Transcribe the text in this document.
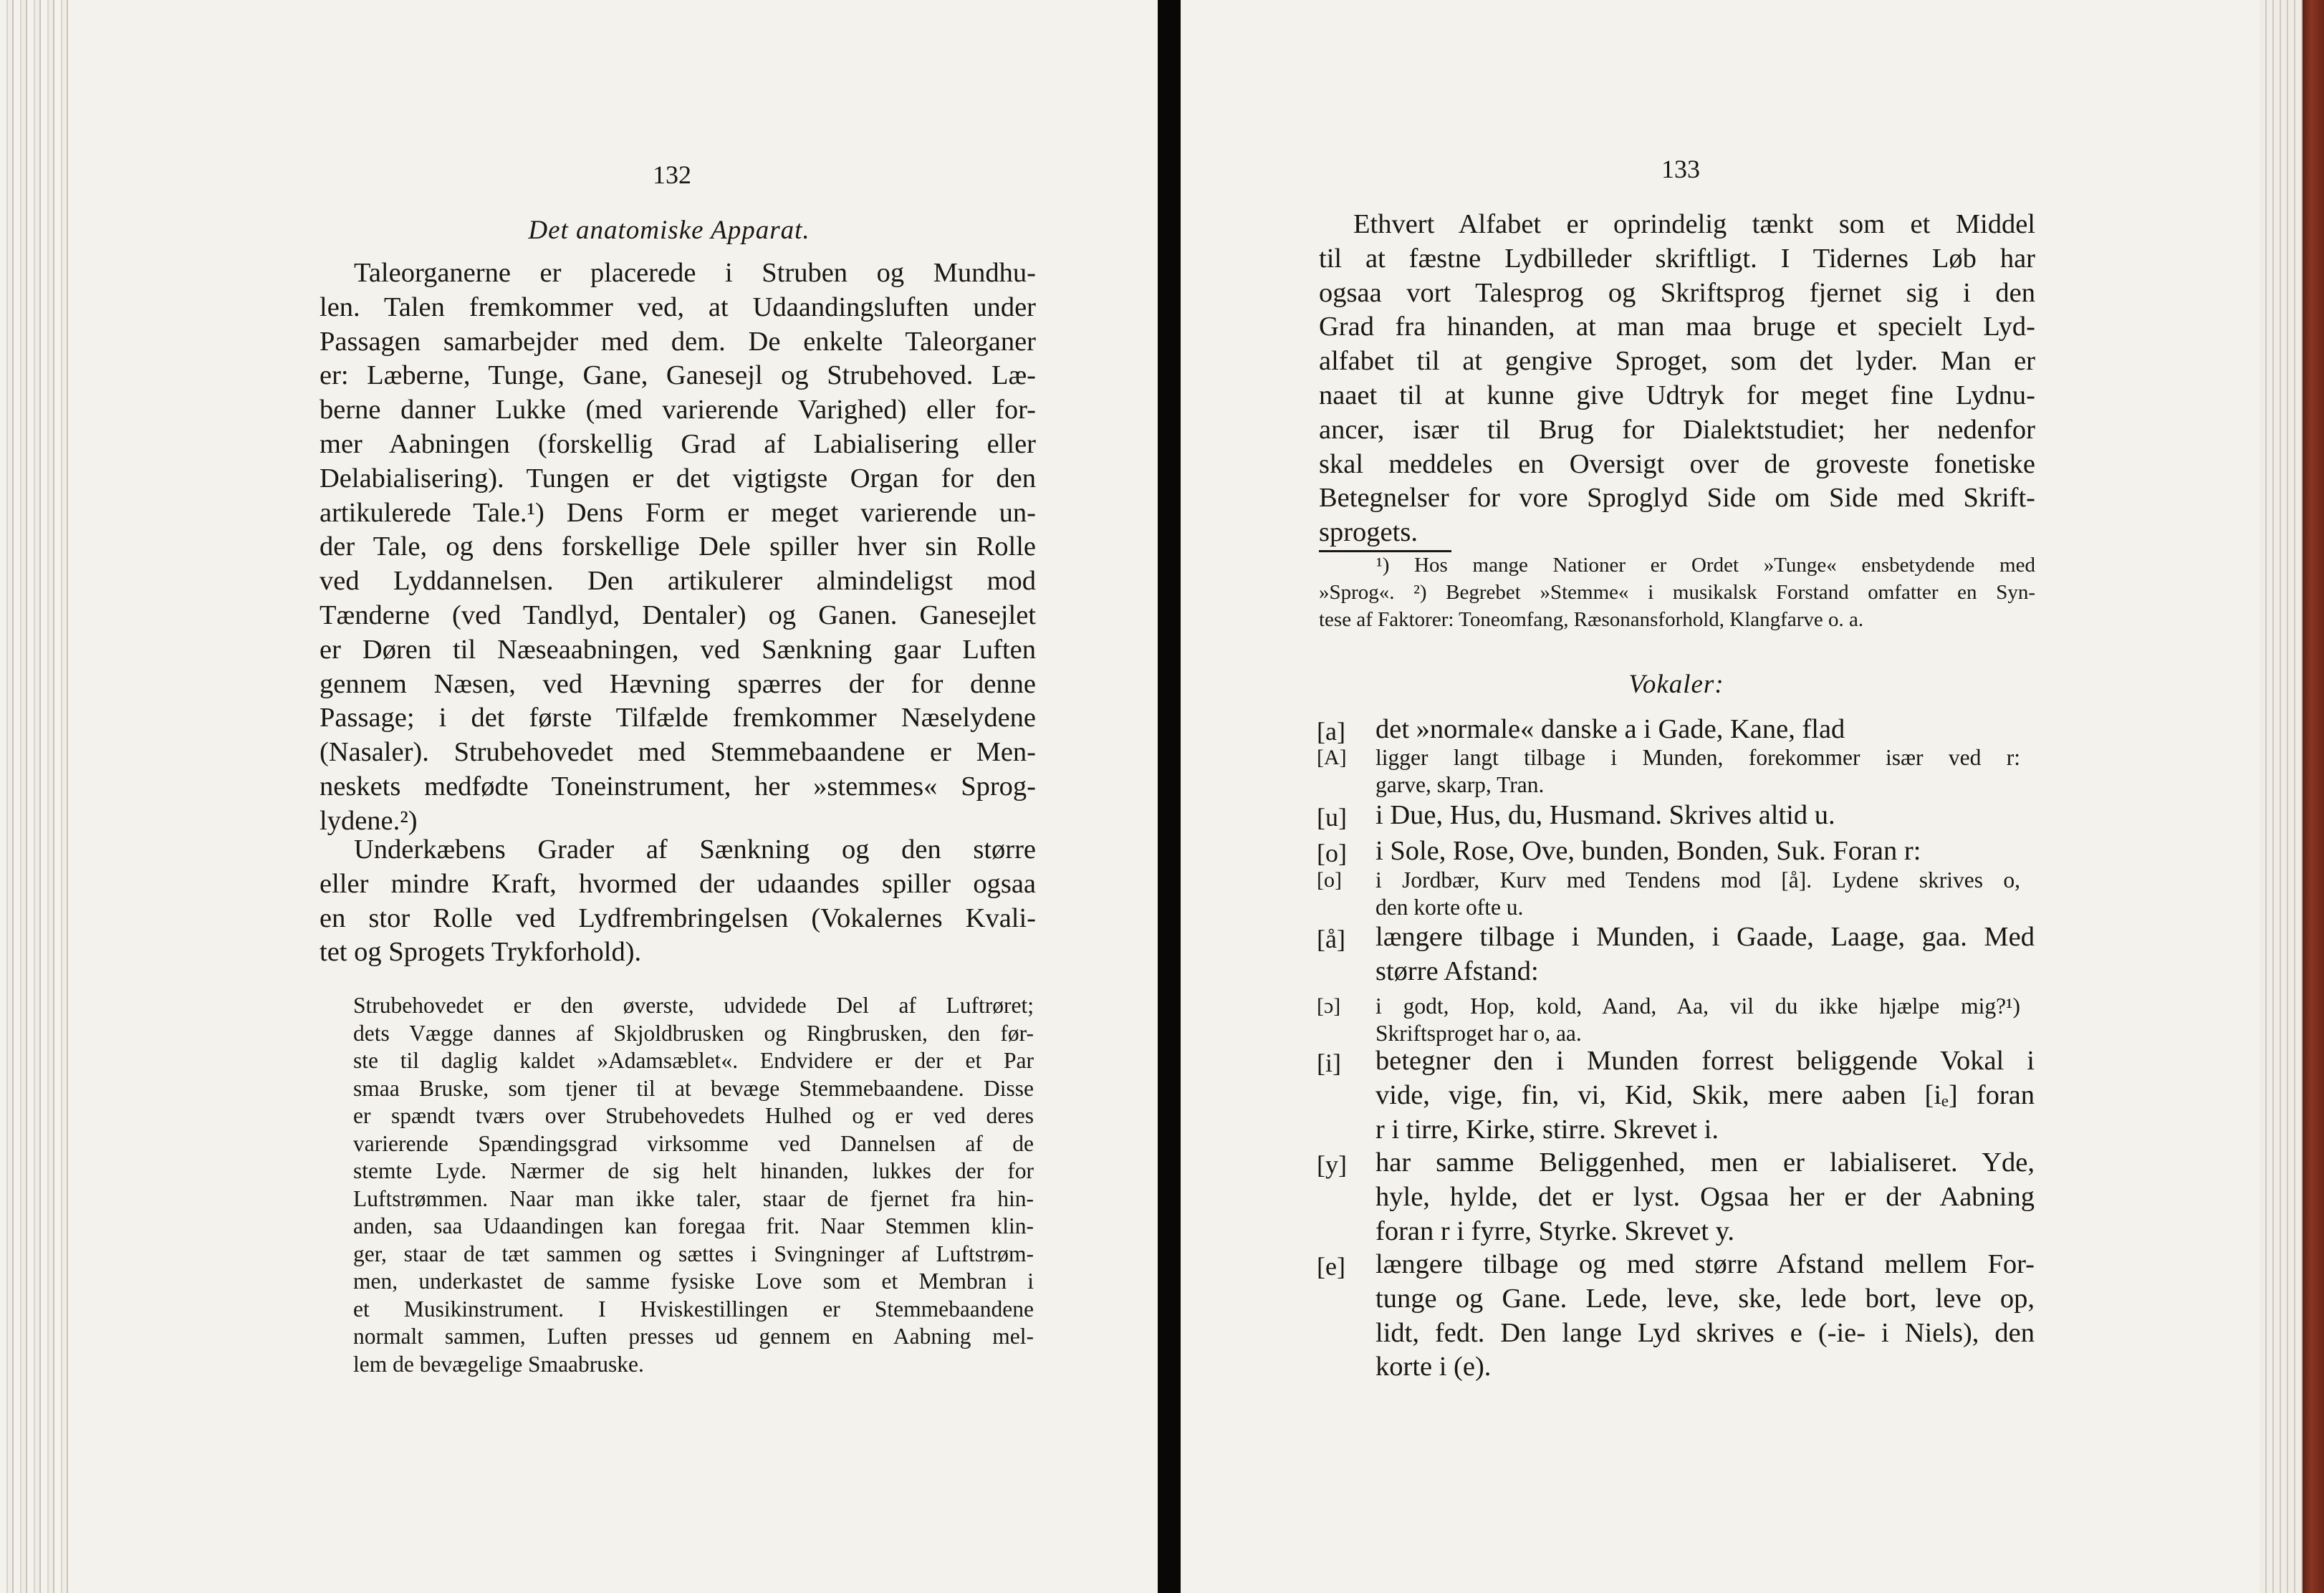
132
Det anatomiske Apparat.
Taleorganerne er placerede i Struben og Mundhu-
len. Talen fremkommer ved, at Udaandingsluften under
Passagen samarbejder med dem. De enkelte Taleorganer
er: Læberne, Tunge, Gane, Ganesejl og Strubehoved. Læ-
berne danner Lukke (med varierende Varighed) eller for-
mer Aabningen (forskellig Grad af Labialisering eller
Delabialisering). Tungen er det vigtigste Organ for den
artikulerede Tale.¹) Dens Form er meget varierende un-
der Tale, og dens forskellige Dele spiller hver sin Rolle
ved Lyddannelsen. Den artikulerer almindeligst mod
Tænderne (ved Tandlyd, Dentaler) og Ganen. Ganesejlet
er Døren til Næseaabningen, ved Sænkning gaar Luften
gennem Næsen, ved Hævning spærres der for denne
Passage; i det første Tilfælde fremkommer Næselydene
(Nasaler). Strubehovedet med Stemmebaandene er Men-
neskets medfødte Toneinstrument, her »stemmes« Sprog-
lydene.²)
Underkæbens Grader af Sænkning og den større
eller mindre Kraft, hvormed der udaandes spiller ogsaa
en stor Rolle ved Lydfrembringelsen (Vokalernes Kvali-
tet og Sprogets Trykforhold).
Strubehovedet er den øverste, udvidede Del af Luftrøret;
dets Vægge dannes af Skjoldbrusken og Ringbrusken, den før-
ste til daglig kaldet »Adamsæblet«. Endvidere er der et Par
smaa Bruske, som tjener til at bevæge Stemmebaandene. Disse
er spændt tværs over Strubehovedets Hulhed og er ved deres
varierende Spændingsgrad virksomme ved Dannelsen af de
stemte Lyde. Nærmer de sig helt hinanden, lukkes der for
Luftstrømmen. Naar man ikke taler, staar de fjernet fra hin-
anden, saa Udaandingen kan foregaa frit. Naar Stemmen klin-
ger, staar de tæt sammen og sættes i Svingninger af Luftstrøm-
men, underkastet de samme fysiske Love som et Membran i
et Musikinstrument. I Hviskestillingen er Stemmebaandene
normalt sammen, Luften presses ud gennem en Aabning mel-
lem de bevægelige Smaabruske.
133
Ethvert Alfabet er oprindelig tænkt som et Middel
til at fæstne Lydbilleder skriftligt. I Tidernes Løb har
ogsaa vort Talesprog og Skriftsprog fjernet sig i den
Grad fra hinanden, at man maa bruge et specielt Lyd-
alfabet til at gengive Sproget, som det lyder. Man er
naaet til at kunne give Udtryk for meget fine Lydnu-
ancer, især til Brug for Dialektstudiet; her nedenfor
skal meddeles en Oversigt over de groveste fonetiske
Betegnelser for vore Sproglyd Side om Side med Skrift-
sprogets.
¹) Hos mange Nationer er Ordet »Tunge« ensbetydende med
»Sprog«. ²) Begrebet »Stemme« i musikalsk Forstand omfatter en Syn-
tese af Faktorer: Toneomfang, Ræsonansforhold, Klangfarve o. a.
Vokaler:
[a] det »normale« danske a i Gade, Kane, flad
[A] ligger langt tilbage i Munden, forekommer især ved r:
garve, skarp, Tran.
[u] i Due, Hus, du, Husmand. Skrives altid u.
[o] i Sole, Rose, Ove, bunden, Bonden, Suk. Foran r:
[o] i Jordbær, Kurv med Tendens mod [å]. Lydene skrives o,
den korte ofte u.
[å] længere tilbage i Munden, i Gaade, Laage, gaa. Med
større Afstand:
[ɔ] i godt, Hop, kold, Aand, Aa, vil du ikke hjælpe mig?¹)
Skriftsproget har o, aa.
[i] betegner den i Munden forrest beliggende Vokal i
vide, vige, fin, vi, Kid, Skik, mere aaben [iₑ] foran
r i tirre, Kirke, stirre. Skrevet i.
[y] har samme Beliggenhed, men er labialiseret. Yde,
hyle, hylde, det er lyst. Ogsaa her er der Aabning
foran r i fyrre, Styrke. Skrevet y.
[e] længere tilbage og med større Afstand mellem For-
tunge og Gane. Lede, leve, ske, lede bort, leve op,
lidt, fedt. Den lange Lyd skrives e (-ie- i Niels), den
korte i (e).
